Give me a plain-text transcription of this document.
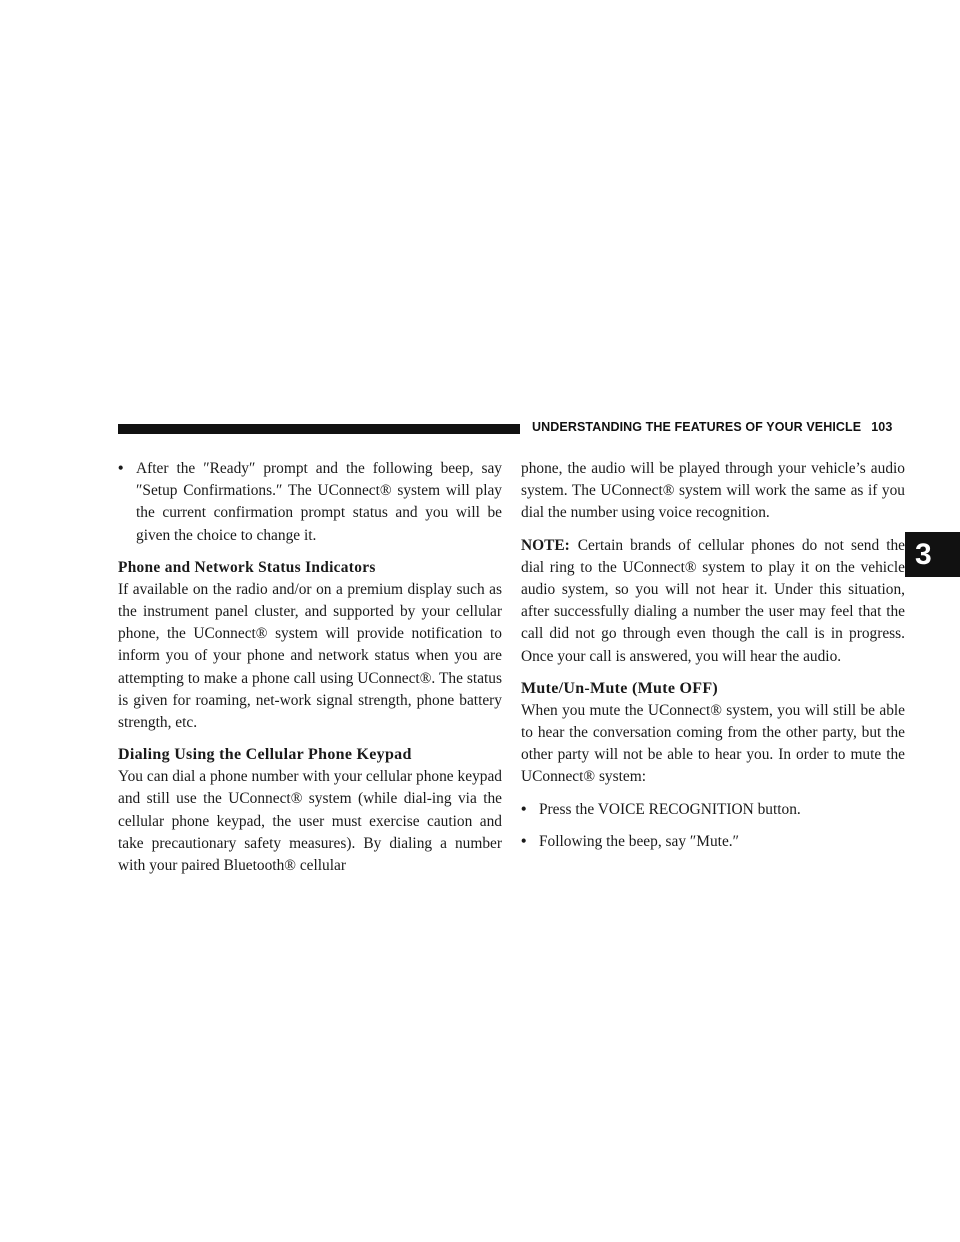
UNDERSTANDING THE FEATURES OF YOUR VEHICLE 103
3
• After the ″Ready″ prompt and the following beep, say ″Setup Confirmations.″ The UConnect® system will play the current confirmation prompt status and you will be given the choice to change it.
Phone and Network Status Indicators

If available on the radio and/or on a premium display such as the instrument panel cluster, and supported by your cellular phone, the UConnect® system will provide notification to inform you of your phone and network status when you are attempting to make a phone call using UConnect®. The status is given for roaming, net-work signal strength, phone battery strength, etc.

Dialing Using the Cellular Phone Keypad

You can dial a phone number with your cellular phone keypad and still use the UConnect® system (while dial-ing via the cellular phone keypad, the user must exercise caution and take precautionary safety measures). By dialing a number with your paired Bluetooth® cellular

phone, the audio will be played through your vehicle’s audio system. The UConnect® system will work the same as if you dial the number using voice recognition.

NOTE: Certain brands of cellular phones do not send the dial ring to the UConnect® system to play it on the vehicle audio system, so you will not hear it. Under this situation, after successfully dialing a number the user may feel that the call did not go through even though the call is in progress. Once your call is answered, you will hear the audio.

Mute/Un-Mute (Mute OFF)

When you mute the UConnect® system, you will still be able to hear the conversation coming from the other party, but the other party will not be able to hear you. In order to mute the UConnect® system:

• Press the VOICE RECOGNITION button.
• Following the beep, say ″Mute.″
